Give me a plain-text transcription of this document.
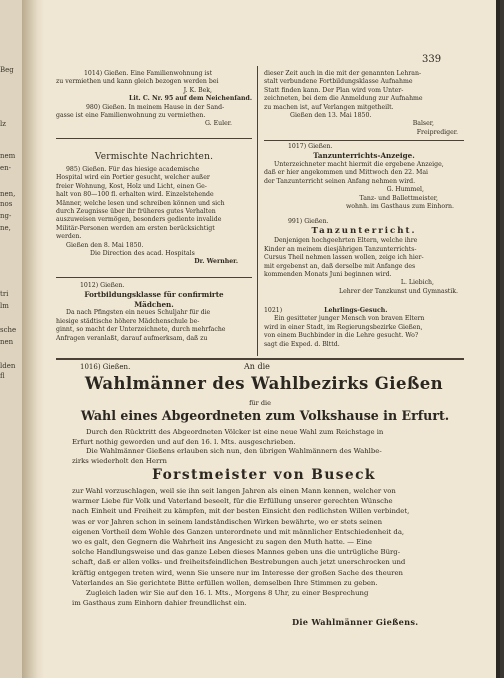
Beg
lz
nem
en-
nen,
nos
ng-
ne,
tri
lm
sche
nen
lden
fl
339

1014) Gießen. Eine Familienwohnung ist

zu vermiethen und kann gleich bezogen werden bei

J. K. Bek,

Lit. C. Nr. 95 auf dem Neichenſand.

980) Gießen. In meinem Hause in der Sand-

gasse ist eine Familienwohnung zu vermiethen.

G. Euler.

Vermischte Nachrichten.

985) Gießen. Für das hiesige academische

Hospital wird ein Portier gesucht, welcher außer

freier Wohnung, Kost, Holz und Licht, einen Ge-

halt von 80—100 fl. erhalten wird. Einzelstehende

Männer, welche lesen und schreiben können und sich

durch Zeugnisse über ihr früheres gutes Verhalten

auszuweisen vermögen, besonders gediente invalide

Militär-Personen werden am ersten berücksichtigt

werden.

Gießen den 8. Mai 1850.

Die Direction des acad. Hospitals

Dr. Wernher.

1012) Gießen.

Fortbildungsklasse für confirmirte

Mädchen.

Da nach Pfingsten ein neues Schuljahr für die

hiesige städtische höhere Mädchenschule be-

ginnt, so macht der Unterzeichnete, durch mehrfache

Anfragen veranlaßt, darauf aufmerksam, daß zu

dieser Zeit auch in die mit der genannten Lehran-

stalt verbundene Fortbildungsklasse Aufnahme

Statt finden kann. Der Plan wird vom Unter-

zeichneten, bei dem die Anmeldung zur Aufnahme

zu machen ist, auf Verlangen mitgetheilt.

Gießen den 13. Mai 1850.

Balser,

Freiprediger.

1017) Gießen.

Tanzunterrichts-Anzeige.

Unterzeichneter macht hiermit die ergebene Anzeige,

daß er hier angekommen und Mittwoch den 22. Mai

der Tanzunterricht seinen Anfang nehmen wird.

G. Hummel,

Tanz- und Ballettmeister,

wohnh. im Gasthaus zum Einhorn.

991) Gießen.

Tanzunterricht.

Denjenigen hochgeehrten Eltern, welche ihre

Kinder an meinem diesjährigen Tanzunterrichts-

Cursus Theil nehmen lassen wollen, zeige ich hier-

mit ergebenst an, daß derselbe mit Anfange des

kommenden Monats Juni beginnen wird.

L. Liebich,

Lehrer der Tanzkunst und Gymnastik.

1021)	Lehrlings-Gesuch.

Ein gesitteter junger Mensch von braven Eltern

wird in einer Stadt, im Regierungsbezirke Gießen,

von einem Buchbinder in die Lehre gesucht. Wo?

sagt die Exped. d. Blttd.

1016) Gießen.	An die
Wahlmänner des Wahlbezirks Gießen
für die
Wahl eines Abgeordneten zum Volkshause in Erfurt.

Durch den Rücktritt des Abgeordneten Völcker ist eine neue Wahl zum Reichstage in

Erfurt nothig geworden und auf den 16. l. Mts. ausgeschrieben.

Die Wahlmänner Gießens erlauben sich nun, den übrigen Wahlmännern des Wahlbe-

zirks wiederholt den Herrn

Forstmeister von Buseck

zur Wahl vorzuschlagen, weil sie ihn seit langen Jahren als einen Mann kennen, welcher von

warmer Liebe für Volk und Vaterland beseelt, für die Erfüllung unserer gerechten Wünsche

nach Einheit und Freiheit zu kämpfen, mit der besten Einsicht den redlichsten Willen verbindet,

was er vor Jahren schon in seinem landständischen Wirken bewährte, wo er stets seinen

eigenen Vortheil dem Wohle des Ganzen unterordnete und mit männlicher Entschiedenheit da,

wo es galt, den Gegnern die Wahrheit ins Angesicht zu sagen den Muth hatte. — Eine

solche Handlungsweise und das ganze Leben dieses Mannes geben uns die untrügliche Bürg-

schaft, daß er allen volks- und freiheitsfeindlichen Bestrebungen auch jetzt unerschrocken und

kräftig entgegen treten wird, wenn Sie unsere nur im Interesse der großen Sache des theuren

Vaterlandes an Sie gerichtete Bitte erfüllen wollen, demselben Ihre Stimmen zu geben.

Zugleich laden wir Sie auf den 16. l. Mts., Morgens 8 Uhr, zu einer Besprechung

im Gasthaus zum Einhorn dahier freundlichst ein.

Die Wahlmänner Gießens.
